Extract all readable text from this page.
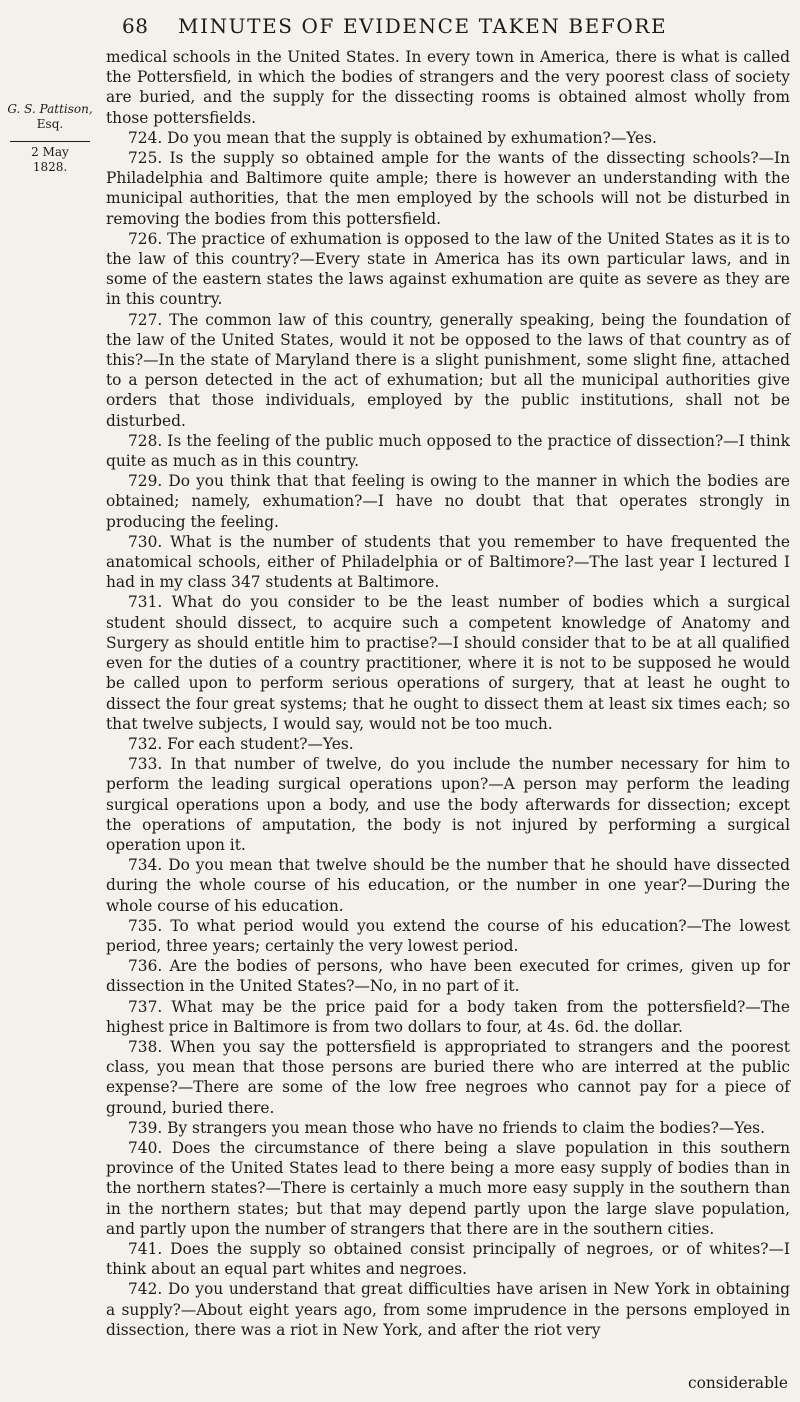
68 MINUTES OF EVIDENCE TAKEN BEFORE
G. S. Pattison,
Esq.
2 May
1828.

medical schools in the United States. In every town in America, there is what is called the Pottersfield, in which the bodies of strangers and the very poorest class of society are buried, and the supply for the dissecting rooms is obtained almost wholly from those pottersfields.

724. Do you mean that the supply is obtained by exhumation?—Yes.

725. Is the supply so obtained ample for the wants of the dissecting schools?—In Philadelphia and Baltimore quite ample; there is however an understanding with the municipal authorities, that the men employed by the schools will not be disturbed in removing the bodies from this pottersfield.

726. The practice of exhumation is opposed to the law of the United States as it is to the law of this country?—Every state in America has its own particular laws, and in some of the eastern states the laws against exhumation are quite as severe as they are in this country.

727. The common law of this country, generally speaking, being the foundation of the law of the United States, would it not be opposed to the laws of that country as of this?—In the state of Maryland there is a slight punishment, some slight fine, attached to a person detected in the act of exhumation; but all the municipal authorities give orders that those individuals, employed by the public institutions, shall not be disturbed.

728. Is the feeling of the public much opposed to the practice of dissection?—I think quite as much as in this country.

729. Do you think that that feeling is owing to the manner in which the bodies are obtained; namely, exhumation?—I have no doubt that that operates strongly in producing the feeling.

730. What is the number of students that you remember to have frequented the anatomical schools, either of Philadelphia or of Baltimore?—The last year I lectured I had in my class 347 students at Baltimore.

731. What do you consider to be the least number of bodies which a surgical student should dissect, to acquire such a competent knowledge of Anatomy and Surgery as should entitle him to practise?—I should consider that to be at all qualified even for the duties of a country practitioner, where it is not to be supposed he would be called upon to perform serious operations of surgery, that at least he ought to dissect the four great systems; that he ought to dissect them at least six times each; so that twelve subjects, I would say, would not be too much.

732. For each student?—Yes.

733. In that number of twelve, do you include the number necessary for him to perform the leading surgical operations upon?—A person may perform the leading surgical operations upon a body, and use the body afterwards for dissection; except the operations of amputation, the body is not injured by performing a surgical operation upon it.

734. Do you mean that twelve should be the number that he should have dissected during the whole course of his education, or the number in one year?—During the whole course of his education.

735. To what period would you extend the course of his education?—The lowest period, three years; certainly the very lowest period.

736. Are the bodies of persons, who have been executed for crimes, given up for dissection in the United States?—No, in no part of it.

737. What may be the price paid for a body taken from the pottersfield?—The highest price in Baltimore is from two dollars to four, at 4s. 6d. the dollar.

738. When you say the pottersfield is appropriated to strangers and the poorest class, you mean that those persons are buried there who are interred at the public expense?—There are some of the low free negroes who cannot pay for a piece of ground, buried there.

739. By strangers you mean those who have no friends to claim the bodies?—Yes.

740. Does the circumstance of there being a slave population in this southern province of the United States lead to there being a more easy supply of bodies than in the northern states?—There is certainly a much more easy supply in the southern than in the northern states; but that may depend partly upon the large slave population, and partly upon the number of strangers that there are in the southern cities.

741. Does the supply so obtained consist principally of negroes, or of whites?—I think about an equal part whites and negroes.

742. Do you understand that great difficulties have arisen in New York in obtaining a supply?—About eight years ago, from some imprudence in the persons employed in dissection, there was a riot in New York, and after the riot very

considerable
